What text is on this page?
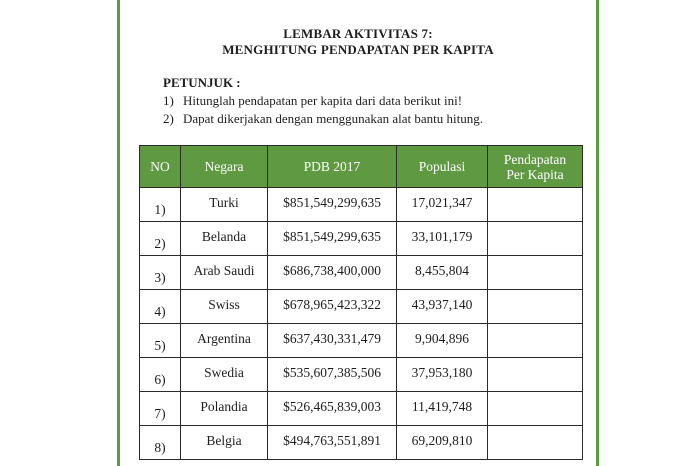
LEMBAR AKTIVITAS 7:
MENGHITUNG PENDAPATAN PER KAPITA
PETUNJUK :
1) Hitunglah pendapatan per kapita dari data berikut ini!
2) Dapat dikerjakan dengan menggunakan alat bantu hitung.
NO	Negara	PDB 2017	Populasi	Pendapatan
Per Kapita
1)	Turki	$851,549,299,635	17,021,347	
2)	Belanda	$851,549,299,635	33,101,179	
3)	Arab Saudi	$686,738,400,000	8,455,804	
4)	Swiss	$678,965,423,322	43,937,140	
5)	Argentina	$637,430,331,479	9,904,896	
6)	Swedia	$535,607,385,506	37,953,180	
7)	Polandia	$526,465,839,003	11,419,748	
8)	Belgia	$494,763,551,891	69,209,810	
